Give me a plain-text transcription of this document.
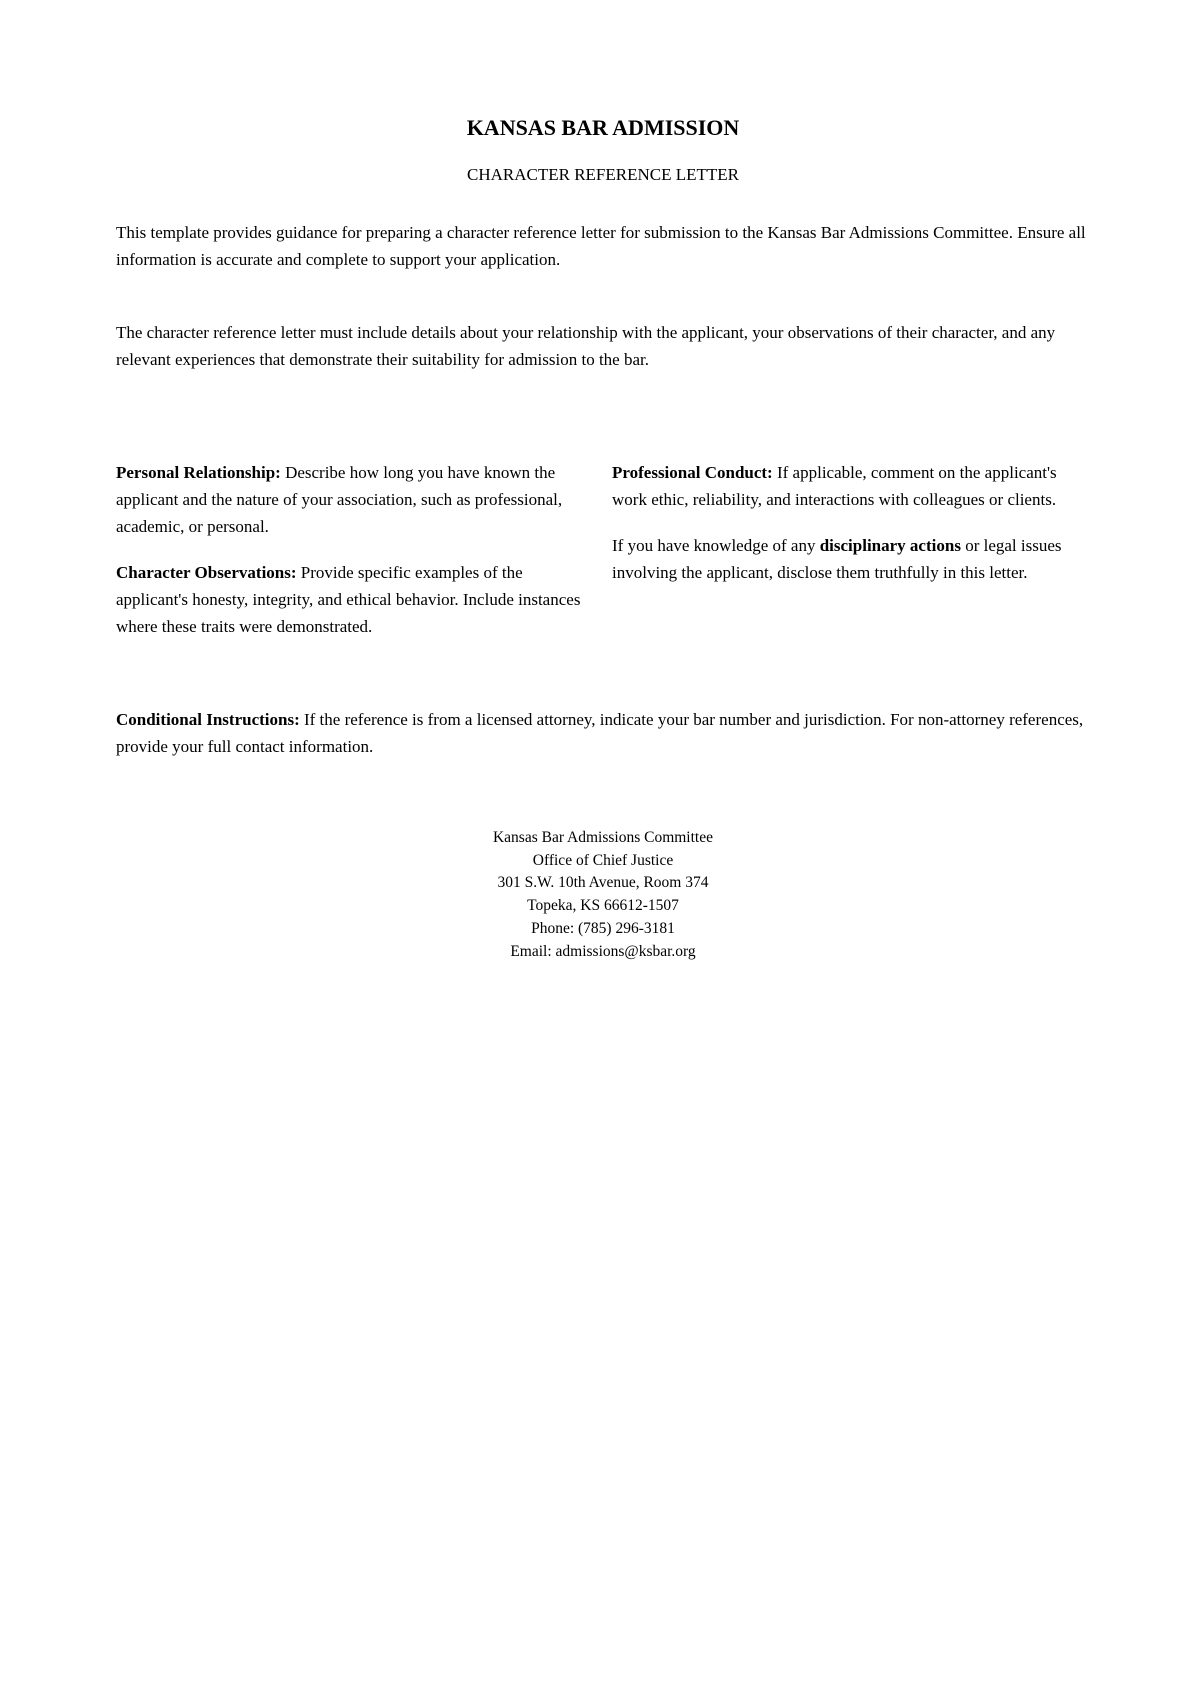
KANSAS BAR ADMISSION
CHARACTER REFERENCE LETTER

This template provides guidance for preparing a character reference letter for submission to the Kansas Bar Admissions Committee. Ensure all information is accurate and complete to support your application.

The character reference letter must include details about your relationship with the applicant, your observations of their character, and any relevant experiences that demonstrate their suitability for admission to the bar.

Personal Relationship: Describe how long you have known the applicant and the nature of your association, such as professional, academic, or personal.

Character Observations: Provide specific examples of the applicant's honesty, integrity, and ethical behavior. Include instances where these traits were demonstrated.

Professional Conduct: If applicable, comment on the applicant's work ethic, reliability, and interactions with colleagues or clients.

If you have knowledge of any disciplinary actions or legal issues involving the applicant, disclose them truthfully in this letter.

Conditional Instructions: If the reference is from a licensed attorney, indicate your bar number and jurisdiction. For non-attorney references, provide your full contact information.

Kansas Bar Admissions Committee
Office of Chief Justice
301 S.W. 10th Avenue, Room 374
Topeka, KS 66612-1507
Phone: (785) 296-3181
Email: admissions@ksbar.org
